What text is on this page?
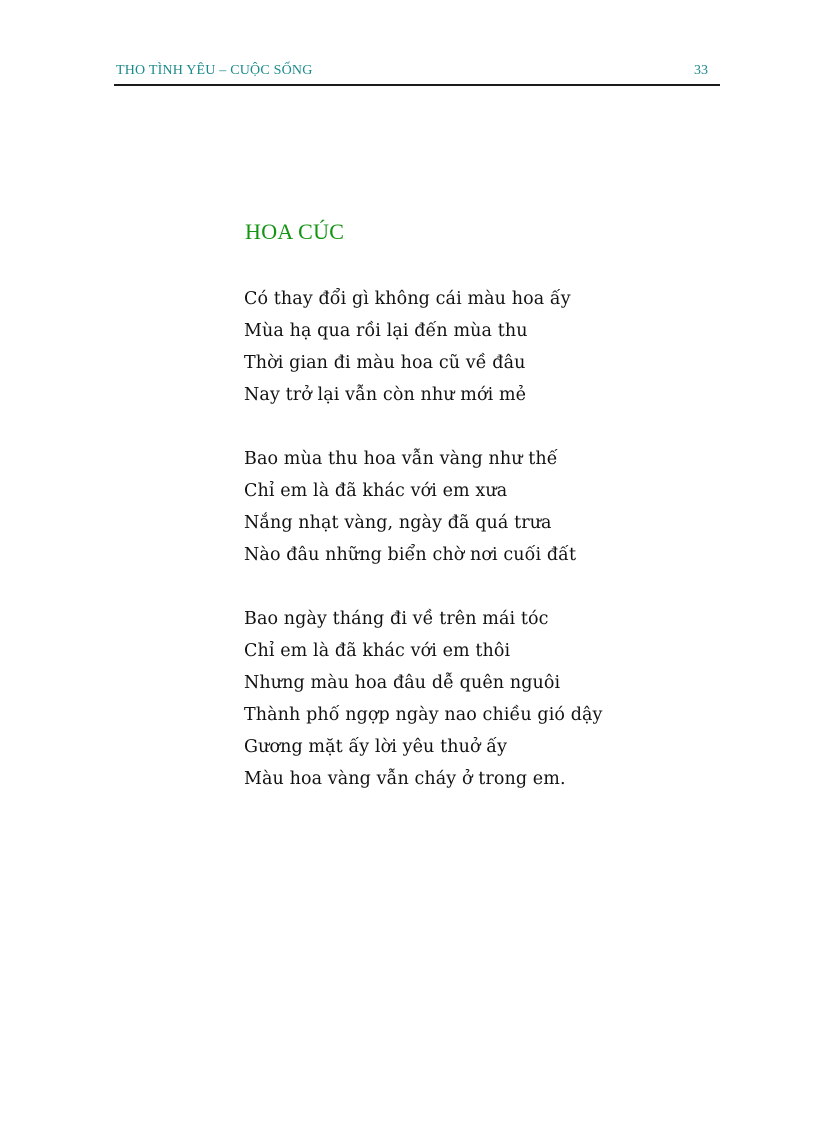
THO TÌNH YÊU – CUỘC SỐNG	33
HOA CÚC
Có thay đổi gì không cái màu hoa ấy
Mùa hạ qua rồi lại đến mùa thu
Thời gian đi màu hoa cũ về đâu
Nay trở lại vẫn còn như mới mẻ
Bao mùa thu hoa vẫn vàng như thế
Chỉ em là đã khác với em xưa
Nắng nhạt vàng, ngày đã quá trưa
Nào đâu những biển chờ nơi cuối đất
Bao ngày tháng đi về trên mái tóc
Chỉ em là đã khác với em thôi
Nhưng màu hoa đâu dễ quên nguôi
Thành phố ngợp ngày nao chiều gió dậy
Gương mặt ấy lời yêu thuở ấy
Màu hoa vàng vẫn cháy ở trong em.
